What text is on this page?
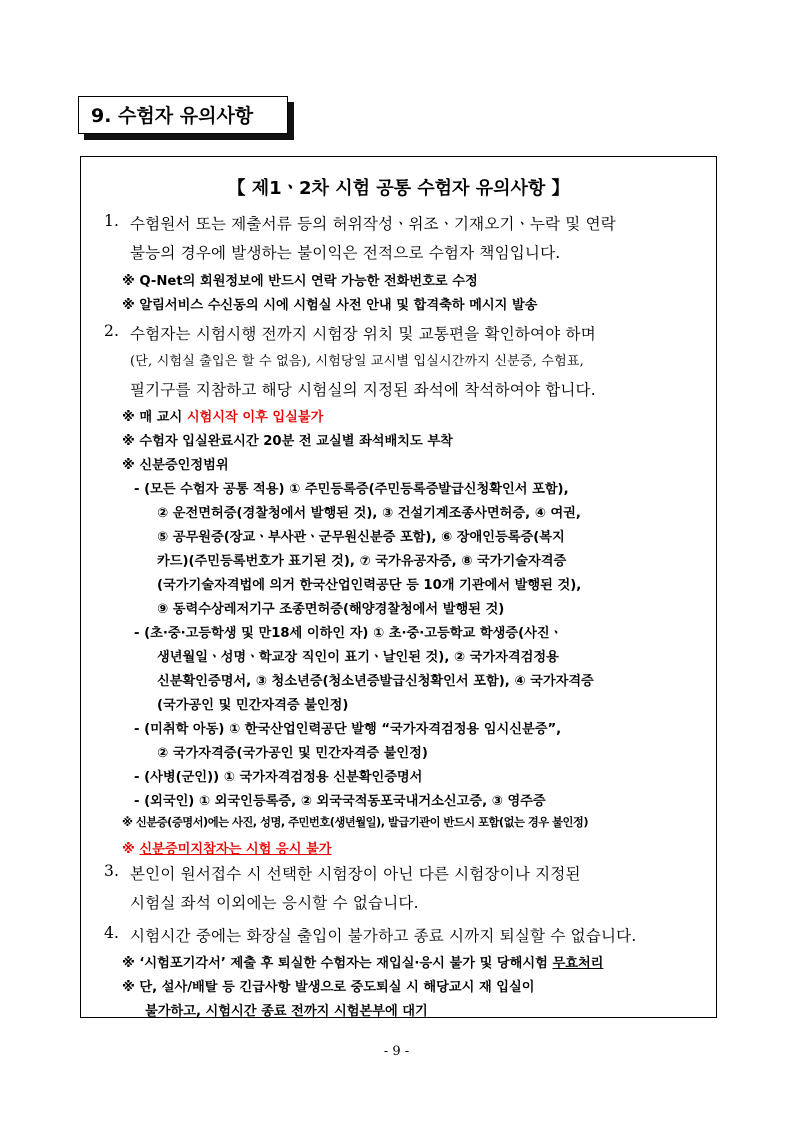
9. 수험자 유의사항
【 제1ㆍ2차 시험 공통 수험자 유의사항 】
1. 수험원서 또는 제출서류 등의 허위작성ㆍ위조ㆍ기재오기ㆍ누락 및 연락
불능의 경우에 발생하는 불이익은 전적으로 수험자 책임입니다.
※ Q-Net의 회원정보에 반드시 연락 가능한 전화번호로 수정
※ 알림서비스 수신동의 시에 시험실 사전 안내 및 합격축하 메시지 발송
2. 수험자는 시험시행 전까지 시험장 위치 및 교통편을 확인하여야 하며
(단, 시험실 출입은 할 수 없음), 시험당일 교시별 입실시간까지 신분증, 수험표,
필기구를 지참하고 해당 시험실의 지정된 좌석에 착석하여야 합니다.
※ 매 교시 시험시작 이후 입실불가
※ 수험자 입실완료시간 20분 전 교실별 좌석배치도 부착
※ 신분증인정범위
- (모든 수험자 공통 적용) ① 주민등록증(주민등록증발급신청확인서 포함),
② 운전면허증(경찰청에서 발행된 것), ③ 건설기계조종사면허증, ④ 여권,
⑤ 공무원증(장교ㆍ부사관ㆍ군무원신분증 포함), ⑥ 장애인등록증(복지
카드)(주민등록번호가 표기된 것), ⑦ 국가유공자증, ⑧ 국가기술자격증
(국가기술자격법에 의거 한국산업인력공단 등 10개 기관에서 발행된 것),
⑨ 동력수상레저기구 조종면허증(해양경찰청에서 발행된 것)
- (초·중·고등학생 및 만18세 이하인 자) ① 초·중·고등학교 학생증(사진ㆍ
생년월일ㆍ성명ㆍ학교장 직인이 표기ㆍ날인된 것), ② 국가자격검정용
신분확인증명서, ③ 청소년증(청소년증발급신청확인서 포함), ④ 국가자격증
(국가공인 및 민간자격증 불인정)
- (미취학 아동) ① 한국산업인력공단 발행 “국가자격검정용 임시신분증”,
② 국가자격증(국가공인 및 민간자격증 불인정)
- (사병(군인)) ① 국가자격검정용 신분확인증명서
- (외국인) ① 외국인등록증, ② 외국국적동포국내거소신고증, ③ 영주증
※ 신분증(증명서)에는 사진, 성명, 주민번호(생년월일), 발급기관이 반드시 포함(없는 경우 불인정)
※ 신분증미지참자는 시험 응시 불가
3. 본인이 원서접수 시 선택한 시험장이 아닌 다른 시험장이나 지정된
시험실 좌석 이외에는 응시할 수 없습니다.
4. 시험시간 중에는 화장실 출입이 불가하고 종료 시까지 퇴실할 수 없습니다.
※ ‘시험포기각서’ 제출 후 퇴실한 수험자는 재입실·응시 불가 및 당해시험 무효처리
※ 단, 설사/배탈 등 긴급사항 발생으로 중도퇴실 시 해당교시 재 입실이
불가하고, 시험시간 종료 전까지 시험본부에 대기
- 9 -
